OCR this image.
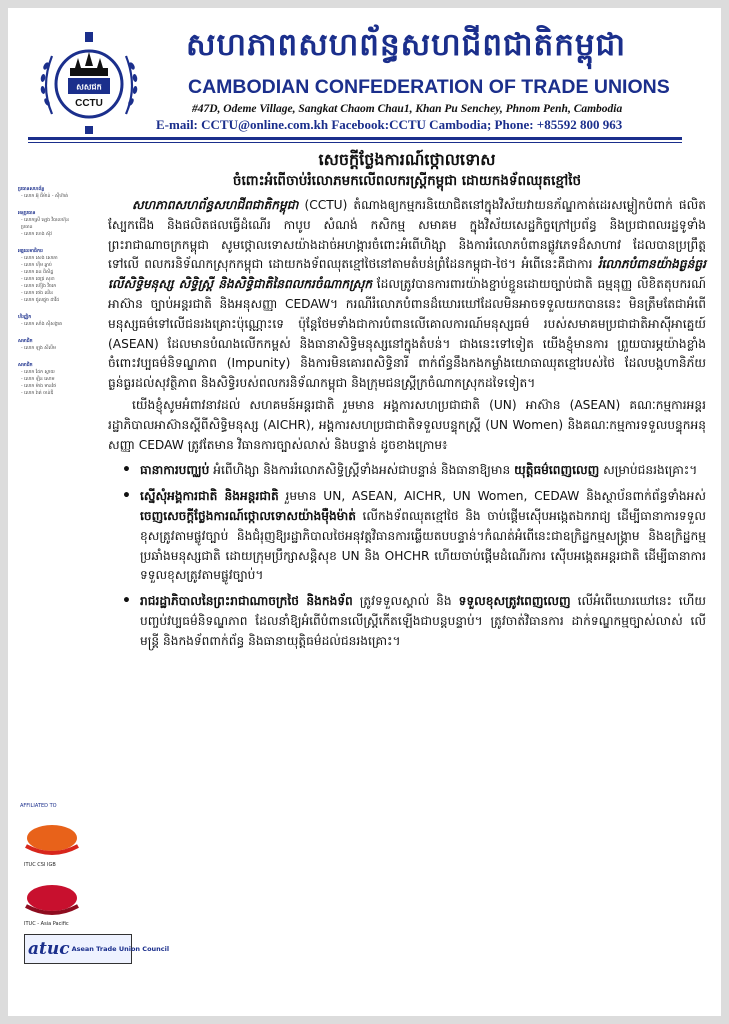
សសជក
CCTU
សហភាពសហព័ន្ធសហជីពជាតិកម្ពុជា
CAMBODIAN CONFEDERATION OF TRADE UNIONS
#47D, Odeme Village, Sangkat Chaom Chau1, Khan Pu Senchey, Phnom Penh, Cambodia
E-mail: CCTU@online.com.kh Facebook:CCTU Cambodia; Phone: +85592 800 963
ប្រធានសហព័ន្ធ
- លោក អ៊ុ ធីម៉ាន់ - ស៊ីហ៊ាត់
អនុប្រធាន
- លោកស្រី ឡេង វិបាលហ៊ុន
ប្រធាន
- លោក ហេង ស៊ុវ
អគ្គលេខាធិការ
- លោក សេង សោភា
- លោក ហ៊ីម ឆ្វាប់
- លោក ឆន ពិសិដ្ឋ
- លោក ពេជ្រ សុខា
- លោក ហ៊ៀង វិចរក
- លោក ថេង ឈិន
- លោក ជូលផ្ទុច ដាវីដ
ហិរញ្ញិក
- លោក សាំង ស៊ីសង្កាត
សមាជិក
- លោក ឡុង សីលឹម
សមាជិក
- លោក ដែក ស្វាយ
- លោក ឡិន សោម
- លោក ម៉ាង មានថៃ
- លោក រ៉ាត់ ចាន់ឌី
AFFILIATED TO
ITUC CSI IGB
ITUC - Asia Pacific
atuc Asean Trade Union Council

សេចក្តីថ្លែងការណ៍ថ្កោលទោស

ចំពោះអំពើចាប់រំលោភមកលើពលករស្រ្តីកម្ពុជា ដោយកងទ័ពឈុតខ្មៅថៃ

សហភាពសហព័ន្ធសហជីពជាតិកម្ពុជា (CCTU) តំណាងឲ្យកម្មករនិយោជិតនៅក្នុងវិស័យវាយនភ័ណ្ឌកាត់ដេរសម្លៀកបំពាក់ ផលិតស្បែកជើង និងផលិតផលធ្វើដំណើរ កាបូប សំណង់ កសិកម្ម សមាគម ក្នុងវិស័យសេដ្ឋកិច្ចក្រៅប្រព័ន្ធ និងប្រជាពលរដ្ឋទូទាំងព្រះរាជាណាចក្រកម្ពុជា សូមថ្កោលទោសយ៉ាងដាច់អហង្ការចំពោះអំពើហិង្សា និងការរំលោភបំពានផ្លូវភេទដ៏សាហាវ ដែលបានប្រព្រឹត្តទៅលើ ពលករនិទ័ណកស្រុកកម្ពុជា ដោយកងទ័ពឈុតខ្មៅថៃនៅតាមតំបន់ព្រំដែនកម្ពុជា-ថៃ។ អំពើនេះគឺជាការ រំលោភបំពានយ៉ាងធ្ងន់ធ្ងរ លើសិទ្ធិមនុស្ស សិទ្ធិស្ត្រី និងសិទ្ធិជាតិនៃពលករចំណាកស្រុក ដែលត្រូវបានការពារយ៉ាងខ្ជាប់ខ្ជួនដោយច្បាប់ជាតិ ធម្មនុញ្ញ លិខិតតុបករណ៍អាស៊ាន ច្បាប់អន្តរជាតិ និងអនុសញ្ញា CEDAW។ ករណីរំលោភបំពានដ៏ឃោរឃៅដែលមិនអាចទទួលយកបាននេះ មិនត្រឹមតែជាអំពើមនុស្សធម៌ទៅលើជនរងគ្រោះប៉ុណ្ណោះទេ ប៉ុន្តែថែមទាំងជាការបំពានលើគោលការណ៍មនុស្សធម៌ របស់សមាគមប្រជាជាតិអាស៊ីអាគ្នេយ៍ (ASEAN) ដែលមានបំណងលើកកម្ពស់ និងធានាសិទ្ធិមនុស្សនៅក្នុងតំបន់។ ជាងនេះទៅទៀត យើងខ្ញុំមានការ ព្រួយបារម្ភយ៉ាងខ្លាំង ចំពោះវប្បធម៌និទណ្ឌភាព (Impunity) និងការមិនគោរពសិទ្ធិនារី ពាក់ព័ន្ធនឹងកងកម្លាំងយោធាឈុតខ្មៅរបស់ថៃ ដែលបង្កហានិភ័យធ្ងន់ធ្ងរដល់សុវត្ថិភាព និងសិទ្ធិរបស់ពលករនិទ័ណកម្ពុជា និងក្រុមជនស្រ្តីក្រចំណាកស្រុកដទៃទៀត។

យើងខ្ញុំសូមអំពាវនាវដល់ សហគមន៍អន្តរជាតិ រួមមាន អង្គការសហប្រជាជាតិ (UN) អាស៊ាន (ASEAN) គណៈកម្មការអន្តររដ្ឋាភិបាលអាស៊ានស្តីពីសិទ្ធិមនុស្ស (AICHR), អង្គការសហប្រជាជាតិទទួលបន្ទុកស្ត្រី (UN Women) និងគណៈកម្មការទទួលបន្ទុកអនុសញ្ញា CEDAW ត្រូវតែមាន វិធានការច្បាស់លាស់ និងបន្ទាន់ ដូចខាងក្រោម៖

• ធានាការបញ្ឈប់ អំពើហិង្សា និងការរំលោភសិទ្ធិស្ត្រីទាំងអស់ជាបន្ទាន់ និងធានាឱ្យមាន យុត្តិធម៌ពេញលេញ សម្រាប់ជនរងគ្រោះ។
• ស្នើសុំអង្គការជាតិ និងអន្តរជាតិ រួមមាន UN, ASEAN, AICHR, UN Women, CEDAW និងស្ថាប័នពាក់ព័ន្ធទាំងអស់ ចេញសេចក្តីថ្លែងការណ៍ថ្កោលទោសយ៉ាងម៉ឺងម៉ាត់ លើកងទ័ពឈុតខ្មៅថៃ និង ចាប់ផ្តើមស៊ើបអង្កេតឯករាជ្យ ដើម្បីធានាការទទួលខុសត្រូវតាមផ្លូវច្បាប់ និងជំរុញឱ្យរដ្ឋាភិបាលថៃអនុវត្តវិធានការឆ្លើយតបបន្ទាន់។កំណត់អំពើនេះជាឧក្រិដ្ឋកម្មសង្គ្រាម និងឧក្រិដ្ឋកម្មប្រឆាំងមនុស្សជាតិ ដោយក្រុមប្រឹក្សាសន្តិសុខ UN និង OHCHR ហើយចាប់ផ្តើមដំណើរការ ស៊ើបអង្កេតអន្តរជាតិ ដើម្បីធានាការទទួលខុសត្រូវតាមផ្លូវច្បាប់។
• រាជរដ្ឋាភិបាលនៃព្រះរាជាណាចក្រថៃ និងកងទ័ព ត្រូវទទួលស្គាល់ និង ទទួលខុសត្រូវពេញលេញ លើអំពើឃោរឃៅនេះ ហើយបញ្ចប់វប្បធម៌និទណ្ឌភាព ដែលនាំឱ្យអំពើបំពានលើស្ត្រីកើតឡើងជាបន្តបន្ទាប់។ ត្រូវចាត់វិធានការ ដាក់ទណ្ឌកម្មច្បាស់លាស់ លើមន្ត្រី និងកងទ័ពពាក់ព័ន្ធ និងធានាយុត្តិធម៌ដល់ជនរងគ្រោះ។
